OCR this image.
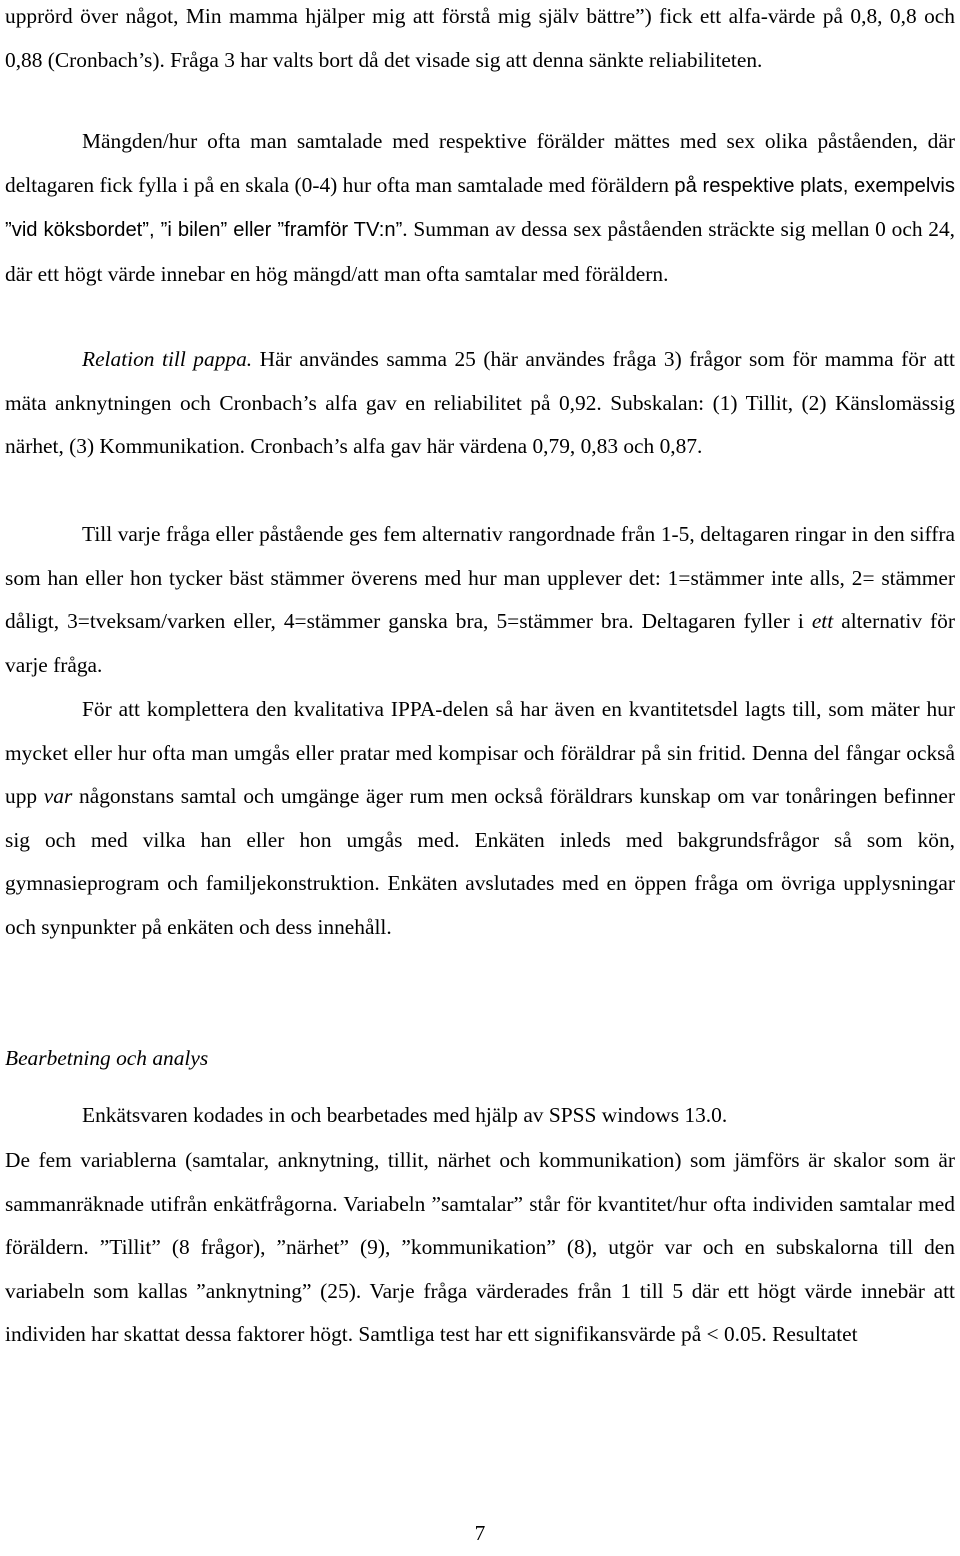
upprörd över något, Min mamma hjälper mig att förstå mig själv bättre”) fick ett alfa-värde på 0,8, 0,8 och 0,88 (Cronbach’s). Fråga 3 har valts bort då det visade sig att denna sänkte reliabiliteten.

Mängden/hur ofta man samtalade med respektive förälder mättes med sex olika påståenden, där deltagaren fick fylla i på en skala (0-4) hur ofta man samtalade med föräldern på respektive plats, exempelvis ”vid köksbordet”, ”i bilen” eller ”framför TV:n”. Summan av dessa sex påståenden sträckte sig mellan 0 och 24, där ett högt värde innebar en hög mängd/att man ofta samtalar med föräldern.

Relation till pappa. Här användes samma 25 (här användes fråga 3) frågor som för mamma för att mäta anknytningen och Cronbach’s alfa gav en reliabilitet på 0,92. Subskalan: (1) Tillit, (2) Känslomässig närhet, (3) Kommunikation. Cronbach’s alfa gav här värdena 0,79, 0,83 och 0,87.

Till varje fråga eller påstående ges fem alternativ rangordnade från 1-5, deltagaren ringar in den siffra som han eller hon tycker bäst stämmer överens med hur man upplever det: 1=stämmer inte alls, 2= stämmer dåligt, 3=tveksam/varken eller, 4=stämmer ganska bra, 5=stämmer bra. Deltagaren fyller i ett alternativ för varje fråga.

För att komplettera den kvalitativa IPPA-delen så har även en kvantitetsdel lagts till, som mäter hur mycket eller hur ofta man umgås eller pratar med kompisar och föräldrar på sin fritid. Denna del fångar också upp var någonstans samtal och umgänge äger rum men också föräldrars kunskap om var tonåringen befinner sig och med vilka han eller hon umgås med. Enkäten inleds med bakgrundsfrågor så som kön, gymnasieprogram och familjekonstruktion. Enkäten avslutades med en öppen fråga om övriga upplysningar och synpunkter på enkäten och dess innehåll.

Bearbetning och analys

Enkätsvaren kodades in och bearbetades med hjälp av SPSS windows 13.0.

De fem variablerna (samtalar, anknytning, tillit, närhet och kommunikation) som jämförs är skalor som är sammanräknade utifrån enkätfrågorna. Variabeln ”samtalar” står för kvantitet/hur ofta individen samtalar med föräldern. ”Tillit” (8 frågor), ”närhet” (9), ”kommunikation” (8), utgör var och en subskalorna till den variabeln som kallas ”anknytning” (25). Varje fråga värderades från 1 till 5 där ett högt värde innebär att individen har skattat dessa faktorer högt. Samtliga test har ett signifikansvärde på < 0.05. Resultatet

7
